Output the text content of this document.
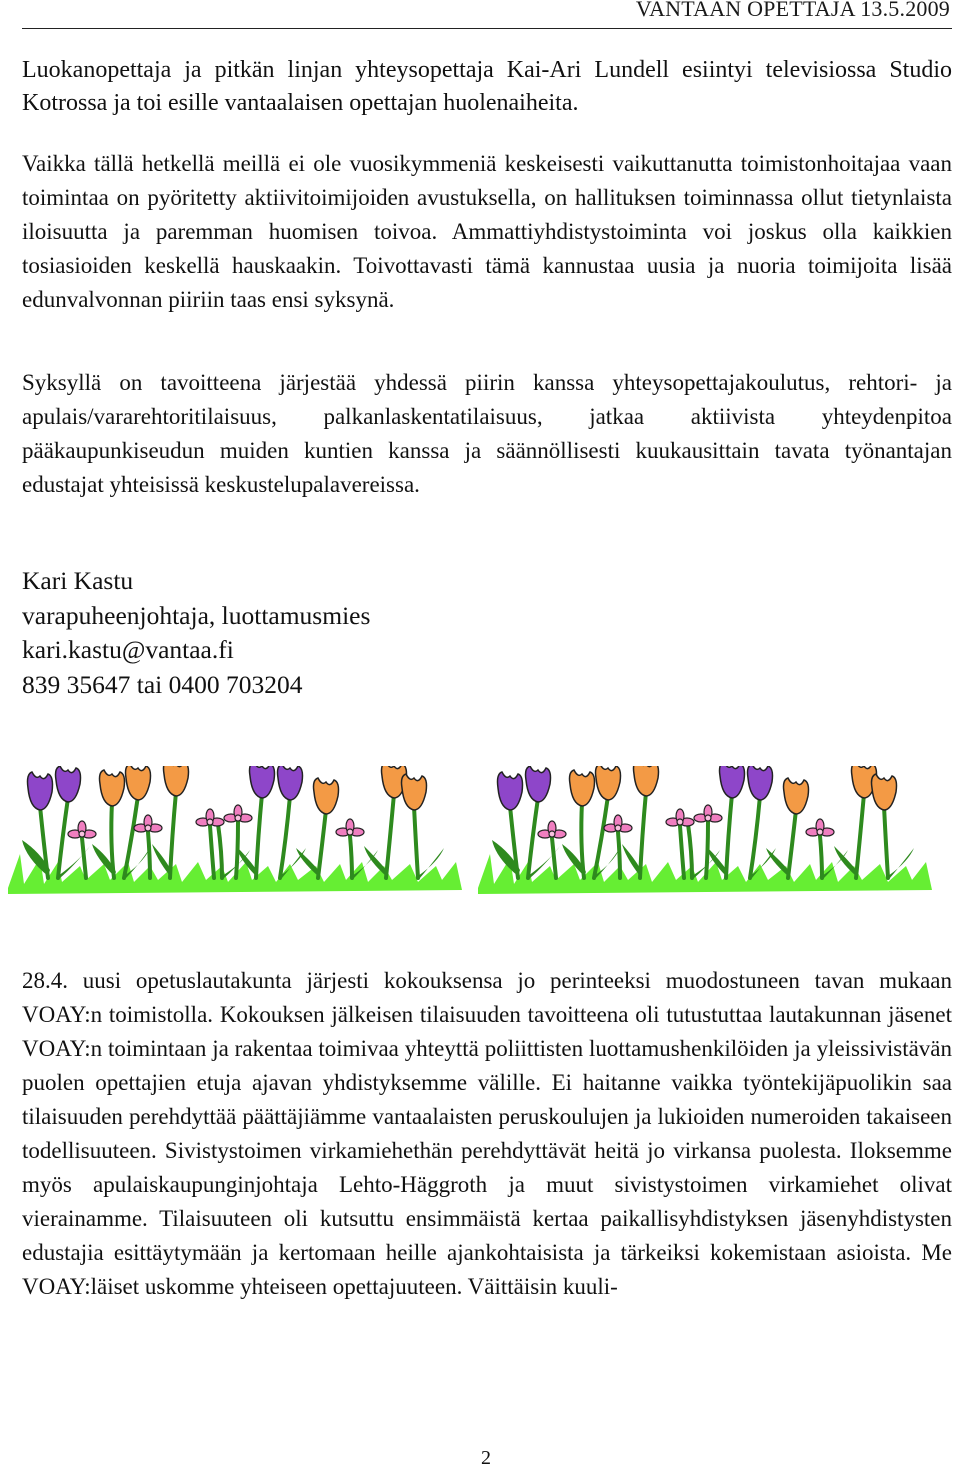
VANTAAN OPETTAJA 13.5.2009

Luokanopettaja ja pitkän linjan yhteysopettaja Kai-Ari Lundell esiintyi televisiossa Studio Kotrossa ja toi esille vantaalaisen opettajan huolenaiheita.

Vaikka tällä hetkellä meillä ei ole vuosikymmeniä keskeisesti vaikuttanutta toimistonhoitajaa vaan toimintaa on pyöritetty aktiivitoimijoiden avustuksella, on hallituksen toiminnassa ollut tietynlaista iloisuutta ja paremman huomisen toivoa. Ammattiyhdistystoiminta voi joskus olla kaikkien tosiasioiden keskellä hauskaakin. Toivottavasti tämä kannustaa uusia ja nuoria toimijoita lisää edunvalvonnan piiriin taas ensi syksynä.

Syksyllä on tavoitteena järjestää yhdessä piirin kanssa yhteysopettajakoulutus, rehtori- ja apulais/vararehtoritilaisuus, palkanlaskentatilaisuus, jatkaa aktiivista yhteydenpitoa pääkaupunkiseudun muiden kuntien kanssa ja säännöllisesti kuukausittain tavata työnantajan edustajat yhteisissä keskustelupalavereissa.

Kari Kastu
varapuheenjohtaja, luottamusmies
kari.kastu@vantaa.fi
839 35647 tai 0400 703204

28.4. uusi opetuslautakunta järjesti kokouksensa jo perinteeksi muodostuneen tavan mukaan VOAY:n toimistolla. Kokouksen jälkeisen tilaisuuden tavoitteena oli tutustuttaa lautakunnan jäsenet VOAY:n toimintaan ja rakentaa toimivaa yhteyttä poliittisten luottamushenkilöiden ja yleissivistävän puolen opettajien etuja ajavan yhdistyksemme välille. Ei haitanne vaikka työntekijäpuolikin saa tilaisuuden perehdyttää päättäjiämme vantaalaisten peruskoulujen ja lukioiden numeroiden takaiseen todellisuuteen. Sivistystoimen virkamiehethän perehdyttävät heitä jo virkansa puolesta. Iloksemme myös apulaiskaupunginjohtaja Lehto-Häggroth ja muut sivistystoimen virkamiehet olivat vierainamme. Tilaisuuteen oli kutsuttu ensimmäistä kertaa paikallisyhdistyksen jäsenyhdistysten edustajia esittäytymään ja kertomaan heille ajankohtaisista ja tärkeiksi kokemistaan asioista. Me VOAY:läiset uskomme yhteiseen opettajuuteen. Väittäisin kuuli-

2
